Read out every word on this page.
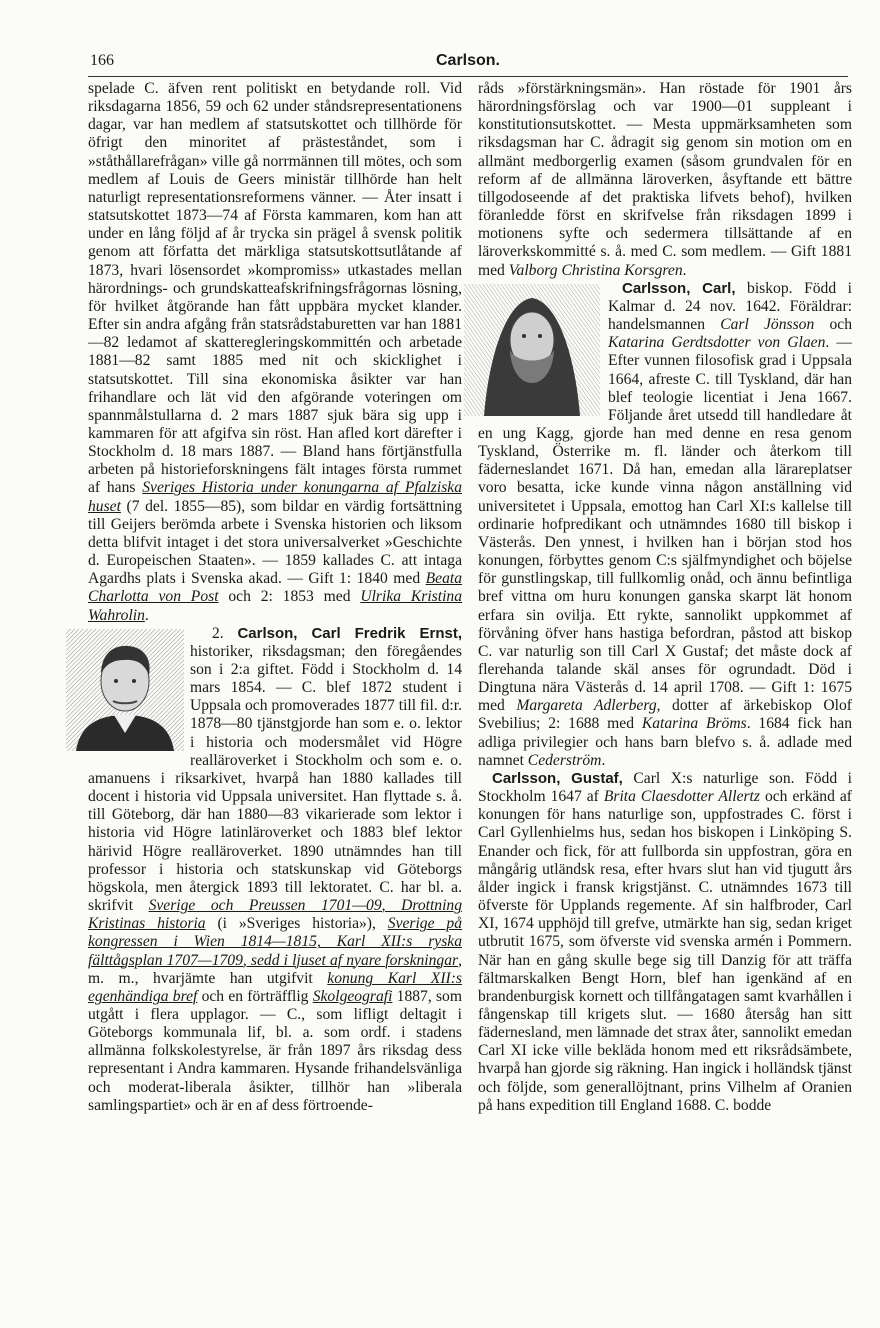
166	Carlson.

spelade C. äfven rent politiskt en betydande roll. Vid riksdagarna 1856, 59 och 62 under ståndsrepresentationens dagar, var han medlem af statsutskottet och tillhörde för öfrigt den minoritet af prästeståndet, som i »ståthållarefrågan» ville gå norrmännen till mötes, och som medlem af Louis de Geers ministär tillhörde han helt naturligt representationsreformens vänner. — Åter insatt i statsutskottet 1873—74 af Första kammaren, kom han att under en lång följd af år trycka sin prägel å svensk politik genom att författa det märkliga statsutskottsutlåtande af 1873, hvari lösensordet »kompromiss» utkastades mellan härordnings- och grundskatteafskrifningsfrågornas lösning, för hvilket åtgörande han fått uppbära mycket klander. Efter sin andra afgång från statsrådstaburetten var han 1881—82 ledamot af skatteregleringskommittén och arbetade 1881—82 samt 1885 med nit och skicklighet i statsutskottet. Till sina ekonomiska åsikter var han frihandlare och lät vid den afgörande voteringen om spannmålstullarna d. 2 mars 1887 sjuk bära sig upp i kammaren för att afgifva sin röst. Han afled kort därefter i Stockholm d. 18 mars 1887. — Bland hans förtjänstfulla arbeten på historieforskningens fält intages första rummet af hans Sveriges Historia under konungarna af Pfalziska huset (7 del. 1855—85), som bildar en värdig fortsättning till Geijers berömda arbete i Svenska historien och liksom detta blifvit intaget i det stora universalverket »Geschichte d. Europeischen Staaten». — 1859 kallades C. att intaga Agardhs plats i Svenska akad. — Gift 1: 1840 med Beata Charlotta von Post och 2: 1853 med Ulrika Kristina Wahrolin.

2. Carlson, Carl Fredrik Ernst,
historiker, riksdagsman; den föregåendes son i 2:a giftet. Född i Stockholm d. 14 mars 1854. — C. blef 1872 student i Uppsala och promoverades 1877 till fil. d:r. 1878—80 tjänstgjorde han som e. o. lektor i historia och modersmålet vid Högre realläroverket i Stockholm och som e. o. amanuens i riksarkivet, hvarpå han 1880 kallades till docent i historia vid Uppsala universitet. Han flyttade s. å. till Göteborg, där han 1880—83 vikarierade som lektor i historia vid Högre latinläroverket och 1883 blef lektor härivid Högre realläroverket. 1890 utnämndes han till professor i historia och statskunskap vid Göteborgs högskola, men återgick 1893 till lektoratet. C. har bl. a. skrifvit Sverige och Preussen 1701—09, Drottning Kristinas historia (i »Sveriges historia»), Sverige på kongressen i Wien 1814—1815, Karl XII:s ryska fälttågsplan 1707—1709, sedd i ljuset af nyare forskningar, m. m., hvarjämte han utgifvit konung Karl XII:s egenhändiga bref och en förträfflig Skolgeografi 1887, som utgått i flera upplagor. — C., som lifligt deltagit i Göteborgs kommunala lif, bl. a. som ordf. i stadens allmänna folkskolestyrelse, är från 1897 års riksdag dess representant i Andra kammaren. Hysande frihandelsvänliga och moderat-liberala åsikter, tillhör han »liberala samlingspartiet» och är en af dess förtroende-

råds »förstärkningsmän». Han röstade för 1901 års härordningsförslag och var 1900—01 suppleant i konstitutionsutskottet. — Mesta uppmärksamheten som riksdagsman har C. ådragit sig genom sin motion om en allmänt medborgerlig examen (såsom grundvalen för en reform af de allmänna läroverken, åsyftande ett bättre tillgodoseende af det praktiska lifvets behof), hvilken föranledde först en skrifvelse från riksdagen 1899 i motionens syfte och sedermera tillsättande af en läroverkskommitté s. å. med C. som medlem. — Gift 1881 med Valborg Christina Korsgren.

Carlsson, Carl,
biskop. Född i Kalmar d. 24 nov. 1642. Föräldrar: handelsmannen Carl Jönsson och Katarina Gerdtsdotter von Glaen. — Efter vunnen filosofisk grad i Uppsala 1664, afreste C. till Tyskland, där han blef teologie licentiat i Jena 1667. Följande året utsedd till handledare åt en ung Kagg, gjorde han med denne en resa genom Tyskland, Österrike m. fl. länder och återkom till fäderneslandet 1671. Då han, emedan alla lärareplatser voro besatta, icke kunde vinna någon anställning vid universitetet i Uppsala, emottog han Carl XI:s kallelse till ordinarie hofpredikant och utnämndes 1680 till biskop i Västerås. Den ynnest, i hvilken han i början stod hos konungen, förbyttes genom C:s själfmyndighet och böjelse för gunstlingskap, till fullkomlig onåd, och ännu befintliga bref vittna om huru konungen ganska skarpt lät honom erfara sin ovilja. Ett rykte, sannolikt uppkommet af förvåning öfver hans hastiga befordran, påstod att biskop C. var naturlig son till Carl X Gustaf; det måste dock af flerehanda talande skäl anses för ogrundadt. Död i Dingtuna nära Västerås d. 14 april 1708. — Gift 1: 1675 med Margareta Adlerberg, dotter af ärkebiskop Olof Svebilius; 2: 1688 med Katarina Bröms. 1684 fick han adliga privilegier och hans barn blefvo s. å. adlade med namnet Cederström.

Carlsson, Gustaf, Carl X:s naturlige son. Född i Stockholm 1647 af Brita Claesdotter Allertz och erkänd af konungen för hans naturlige son, uppfostrades C. först i Carl Gyllenhielms hus, sedan hos biskopen i Linköping S. Enander och fick, för att fullborda sin uppfostran, göra en mångårig utländsk resa, efter hvars slut han vid tjugutt års ålder ingick i fransk krigstjänst. C. utnämndes 1673 till öfverste för Upplands regemente. Af sin halfbroder, Carl XI, 1674 upphöjd till grefve, utmärkte han sig, sedan kriget utbrutit 1675, som öfverste vid svenska armén i Pommern. När han en gång skulle bege sig till Danzig för att träffa fältmarskalken Bengt Horn, blef han igenkänd af en brandenburgisk kornett och tillfångatagen samt kvarhållen i fångenskap till krigets slut. — 1680 återsåg han sitt fädernesland, men lämnade det strax åter, sannolikt emedan Carl XI icke ville bekläda honom med ett riksrådsämbete, hvarpå han gjorde sig räkning. Han ingick i holländsk tjänst och följde, som generallöjtnant, prins Vilhelm af Oranien på hans expedition till England 1688. C. bodde
